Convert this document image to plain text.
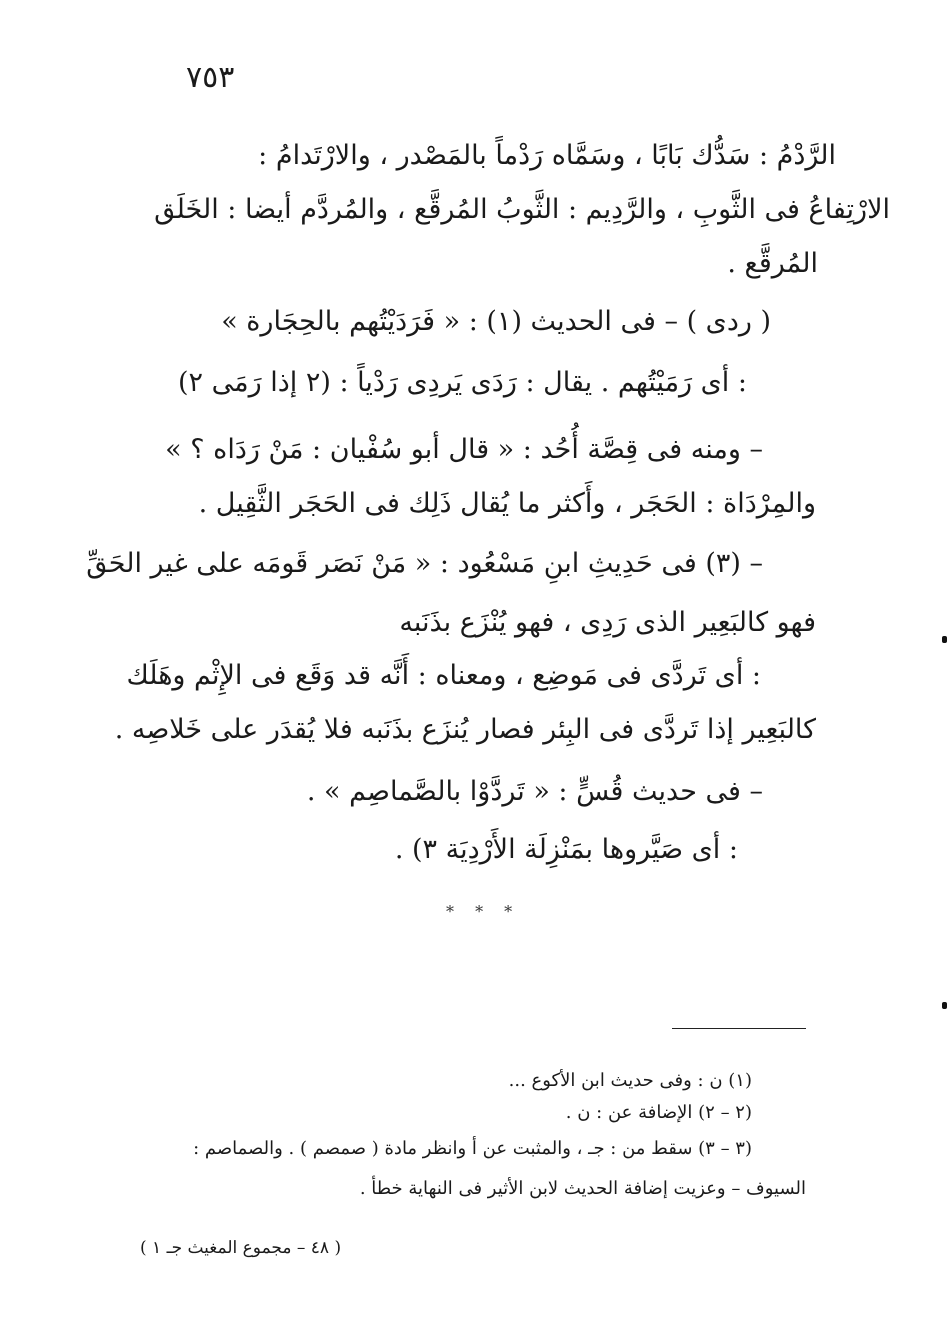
٧٥٣
الرَّدْمُ : سَدُّك بَابًا ، وسَمَّاه رَدْماً بالمَصْدر ، والارْتَدامُ :
الارْتِفاعُ فى الثَّوبِ ، والرَّدِيم : الثَّوبُ المُرقَّع ، والمُردَّم أيضا : الخَلَق
المُرقَّع .
( ردى ) – فى الحديث (١) : « فَرَدَيْتُهم بالحِجَارة »
: أى رَمَيْتُهم . يقال : رَدَى يَردِى رَدْياً : (٢ إذا رَمَى ٢)
– ومنه فى قِصَّة أُحُد : « قال أبو سُفْيان : مَنْ رَدَاه ؟ »
والمِرْدَاة : الحَجَر ، وأَكثر ما يُقال ذَلِك فى الحَجَر الثَّقِيل .
– (٣) فى حَدِيثِ ابنِ مَسْعُود : « مَنْ نَصَر قَومَه على غير الحَقِّ
فهو كالبَعِير الذى رَدِى ، فهو يُنْزَع بذَنَبه
: أى تَردَّى فى مَوضِع ، ومعناه : أَنَّه قد وَقَع فى الإِثْم وهَلَك
كالبَعِير إذا تَردَّى فى البِئر فصار يُنزَع بذَنَبه فلا يُقدَر على خَلاصِه .
– فى حديث قُسٍّ : « تَردَّوْا بالصَّماصِم » .
: أى صَيَّروها بمَنْزِلَة الأَرْدِيَة ٣) .
* * *
(١) ن : وفى حديث ابن الأكوع ...
(٢ – ٢) الإضافة عن : ن .
(٣ – ٣) سقط من : جـ ، والمثبت عن أ وانظر مادة ( صمصم ) . والصماصم :
السيوف – وعزيت إضافة الحديث لابن الأثير فى النهاية خطأ .
( ٤٨ – مجموع المغيث جـ ١ )
